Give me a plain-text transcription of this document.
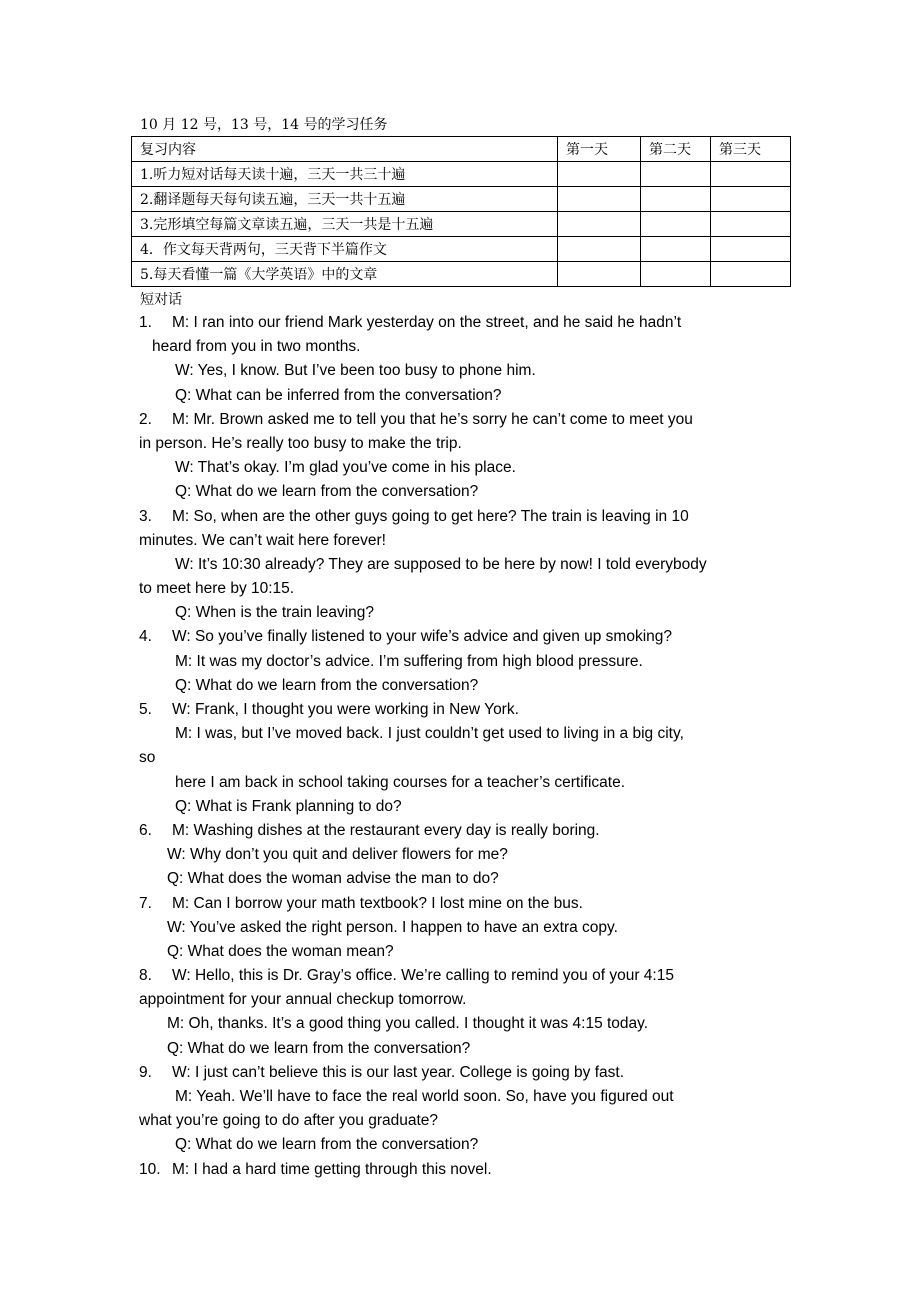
10 月 12 号，13 号，14 号的学习任务
复习内容	第一天	第二天	第三天
1.听力短对话每天读十遍，三天一共三十遍			
2.翻译题每天每句读五遍，三天一共十五遍			
3.完形填空每篇文章读五遍，三天一共是十五遍			
4．作文每天背两句，三天背下半篇作文			
5.每天看懂一篇《大学英语》中的文章			
短对话
1. M: I ran into our friend Mark yesterday on the street, and he said he hadn’t
heard from you in two months.
W: Yes, I know. But I’ve been too busy to phone him.
Q: What can be inferred from the conversation?
2. M: Mr. Brown asked me to tell you that he’s sorry he can’t come to meet you
in person. He’s really too busy to make the trip.
W: That’s okay. I’m glad you’ve come in his place.
Q: What do we learn from the conversation?
3. M: So, when are the other guys going to get here? The train is leaving in 10
minutes. We can’t wait here forever!
W: It’s 10:30 already? They are supposed to be here by now! I told everybody
to meet here by 10:15.
Q: When is the train leaving?
4. W: So you’ve finally listened to your wife’s advice and given up smoking?
M: It was my doctor’s advice. I’m suffering from high blood pressure.
Q: What do we learn from the conversation?
5. W: Frank, I thought you were working in New York.
M: I was, but I’ve moved back. I just couldn’t get used to living in a big city,
so
here I am back in school taking courses for a teacher’s certificate.
Q: What is Frank planning to do?
6. M: Washing dishes at the restaurant every day is really boring.
W: Why don’t you quit and deliver flowers for me?
Q: What does the woman advise the man to do?
7. M: Can I borrow your math textbook? I lost mine on the bus.
W: You’ve asked the right person. I happen to have an extra copy.
Q: What does the woman mean?
8. W: Hello, this is Dr. Gray’s office. We’re calling to remind you of your 4:15
appointment for your annual checkup tomorrow.
M: Oh, thanks. It’s a good thing you called. I thought it was 4:15 today.
Q: What do we learn from the conversation?
9. W: I just can’t believe this is our last year. College is going by fast.
M: Yeah. We’ll have to face the real world soon. So, have you figured out
what you’re going to do after you graduate?
Q: What do we learn from the conversation?
10. M: I had a hard time getting through this novel.
